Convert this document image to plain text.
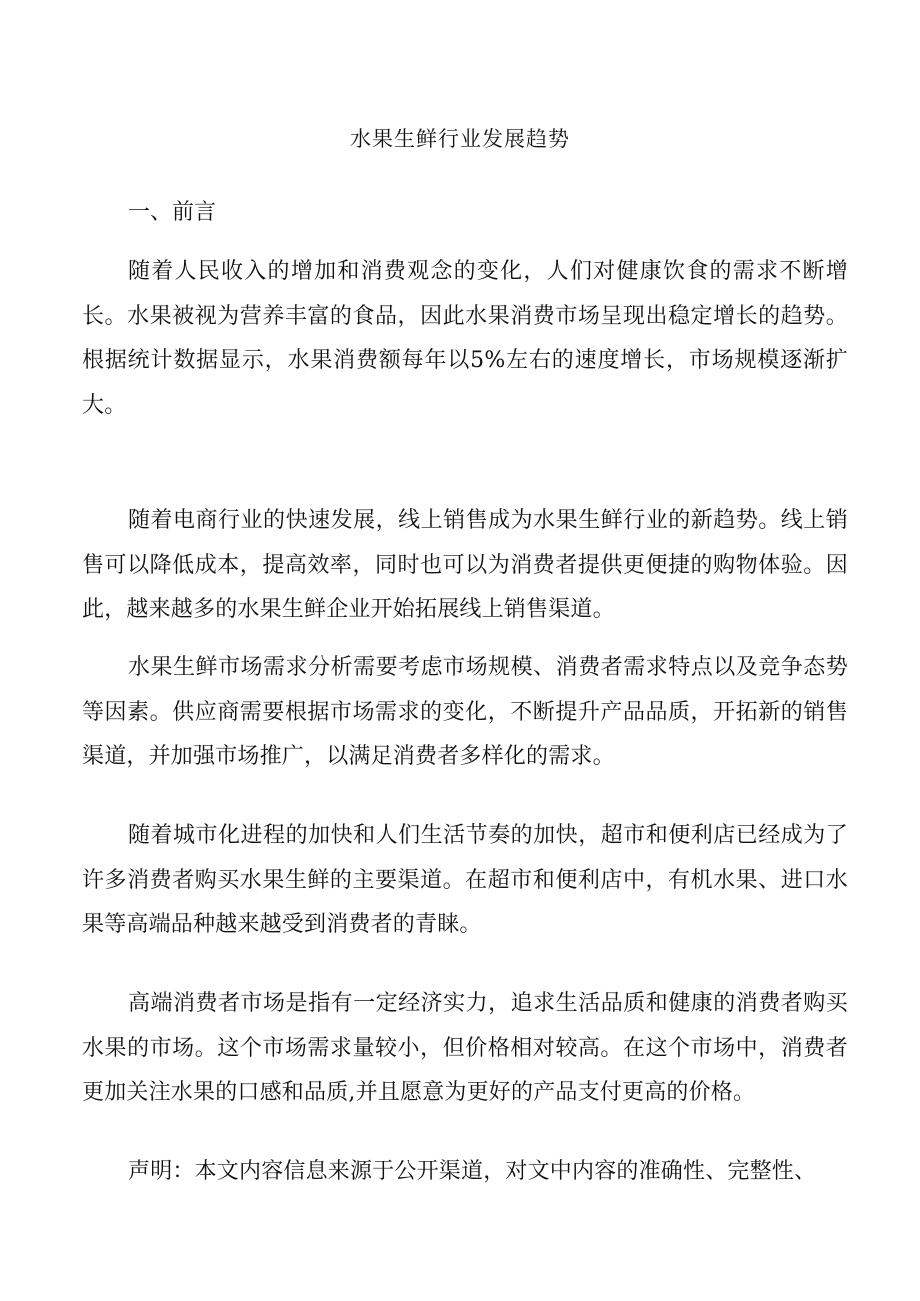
水果生鲜行业发展趋势
一、前言

随着人民收入的增加和消费观念的变化，人们对健康饮食的需求不断增长。水果被视为营养丰富的食品，因此水果消费市场呈现出稳定增长的趋势。根据统计数据显示，水果消费额每年以5%左右的速度增长，市场规模逐渐扩大。

随着电商行业的快速发展，线上销售成为水果生鲜行业的新趋势。线上销售可以降低成本，提高效率，同时也可以为消费者提供更便捷的购物体验。因此，越来越多的水果生鲜企业开始拓展线上销售渠道。

水果生鲜市场需求分析需要考虑市场规模、消费者需求特点以及竞争态势等因素。供应商需要根据市场需求的变化，不断提升产品品质，开拓新的销售渠道，并加强市场推广，以满足消费者多样化的需求。

随着城市化进程的加快和人们生活节奏的加快，超市和便利店已经成为了许多消费者购买水果生鲜的主要渠道。在超市和便利店中，有机水果、进口水果等高端品种越来越受到消费者的青睐。

高端消费者市场是指有一定经济实力，追求生活品质和健康的消费者购买水果的市场。这个市场需求量较小，但价格相对较高。在这个市场中，消费者更加关注水果的口感和品质,并且愿意为更好的产品支付更高的价格。

声明：本文内容信息来源于公开渠道，对文中内容的准确性、完整性、
